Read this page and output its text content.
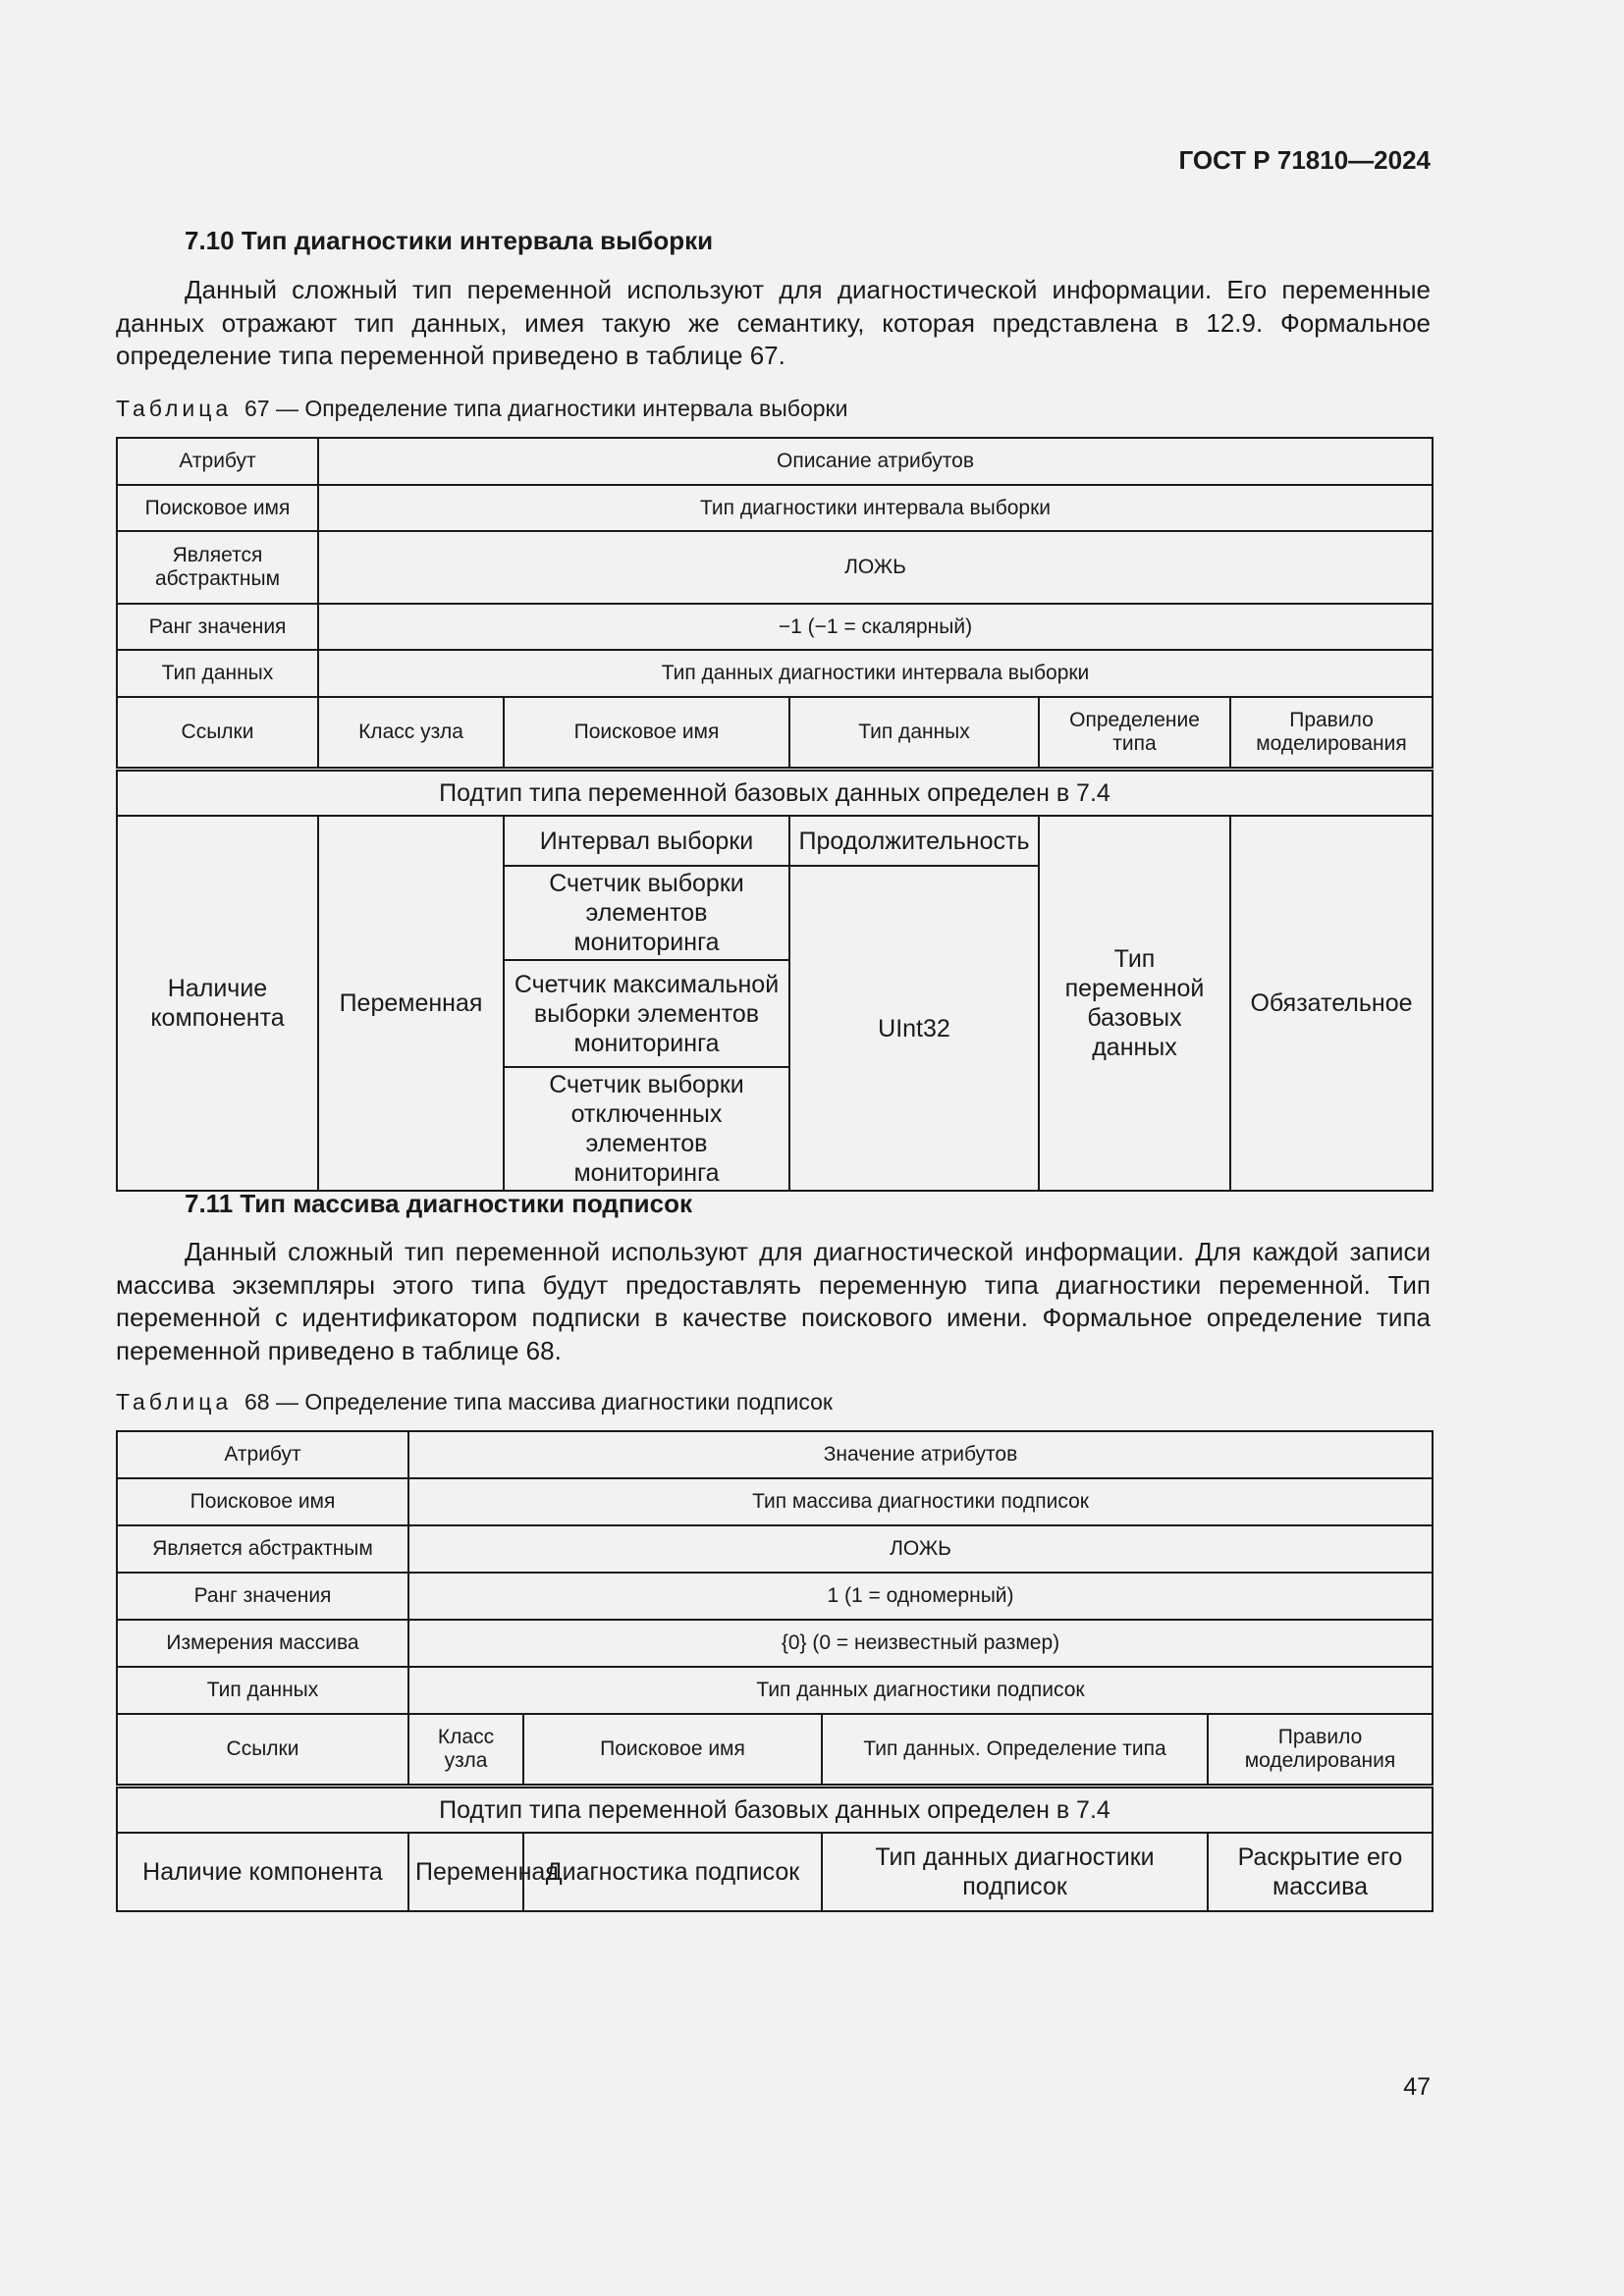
ГОСТ Р 71810—2024
7.10 Тип диагностики интервала выборки
Данный сложный тип переменной используют для диагностической информации. Его переменные данных отражают тип данных, имея такую же семантику, которая представлена в 12.9. Формальное определение типа переменной приведено в таблице 67.
Таблица 67 — Определение типа диагностики интервала выборки
Атрибут	Описание атрибутов				
Поисковое имя	Тип диагностики интервала выборки				
Является абстрактным	ЛОЖЬ				
Ранг значения	−1 (−1 = скалярный)				
Тип данных	Тип данных диагностики интервала выборки				
Ссылки	Класс узла	Поисковое имя	Тип данных	Определение типа	Правило моделирования
Подтип типа переменной базовых данных определен в 7.4					
Наличие компонента	Переменная	Интервал выборки	Продолжительность	Тип переменной базовых данных	Обязательное
		Счетчик выборки элементов мониторинга	UInt32		
		Счетчик максимальной выборки элементов мониторинга			
		Счетчик выборки отключенных элементов мониторинга			
7.11 Тип массива диагностики подписок
Данный сложный тип переменной используют для диагностической информации. Для каждой записи массива экземпляры этого типа будут предоставлять переменную типа диагностики переменной. Тип переменной с идентификатором подписки в качестве поискового имени. Формальное определение типа переменной приведено в таблице 68.
Таблица 68 — Определение типа массива диагностики подписок
Атрибут	Значение атрибутов			
Поисковое имя	Тип массива диагностики подписок			
Является абстрактным	ЛОЖЬ			
Ранг значения	1 (1 = одномерный)			
Измерения массива	{0} (0 = неизвестный размер)			
Тип данных	Тип данных диагностики подписок			
Ссылки	Класс узла	Поисковое имя	Тип данных. Определение типа	Правило моделирования
Подтип типа переменной базовых данных определен в 7.4				
Наличие компонента	Переменная	Диагностика подписок	Тип данных диагностики подписок	Раскрытие его массива
47
